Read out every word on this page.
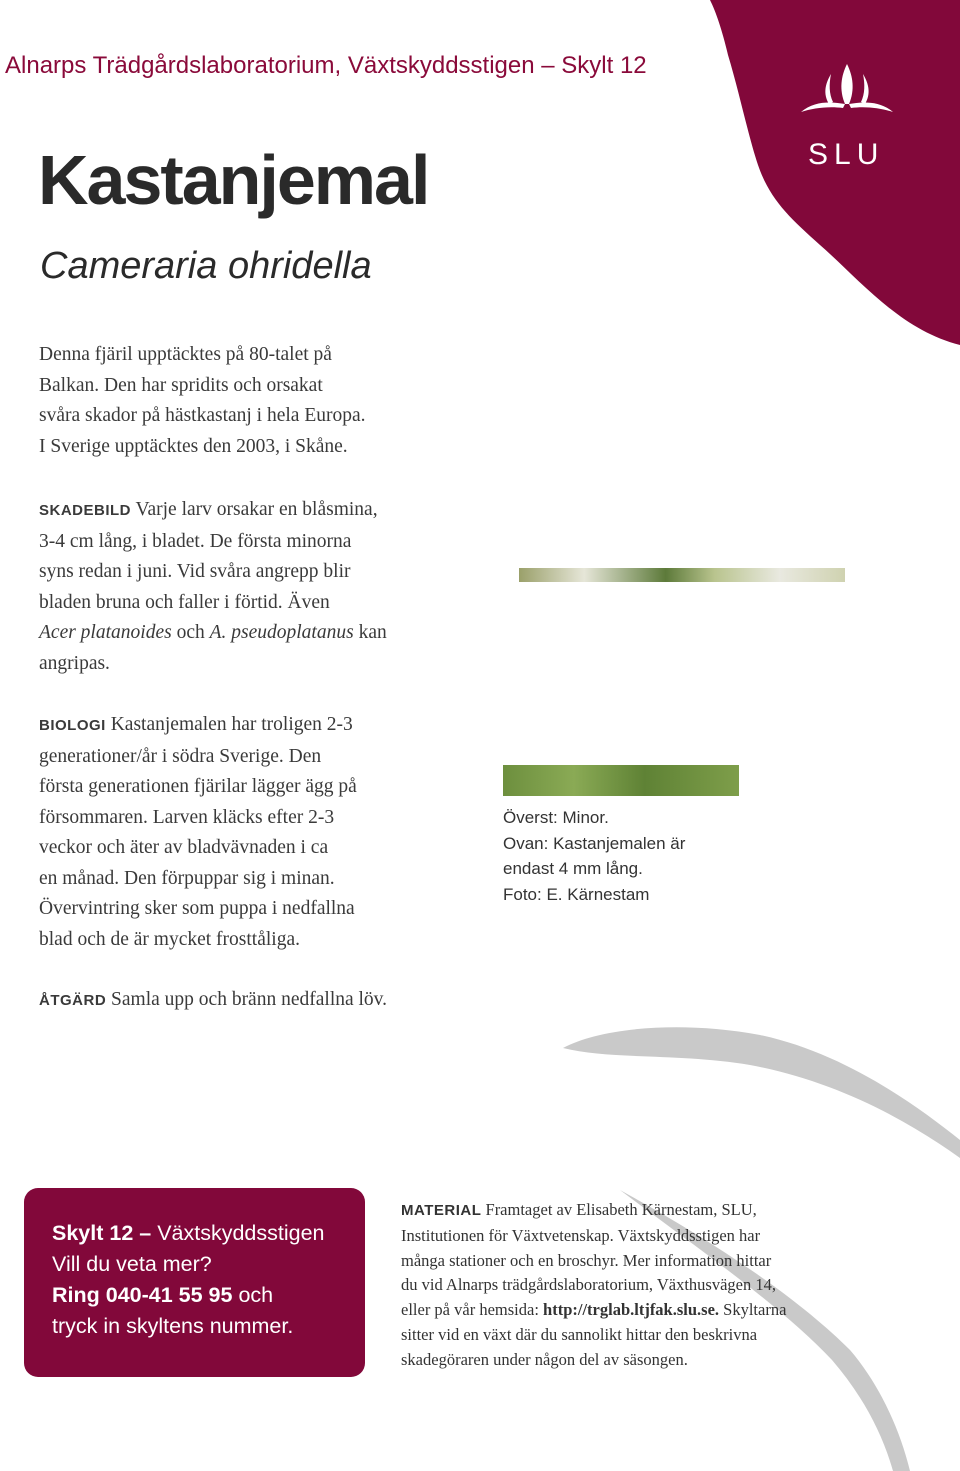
SLU
Alnarps Trädgårdslaboratorium, Växtskyddsstigen – Skylt 12
Kastanjemal
Cameraria ohridella

Denna fjäril upptäcktes på 80-talet på

Balkan. Den har spridits och orsakat

svåra skador på hästkastanj i hela Europa.

I Sverige upptäcktes den 2003, i Skåne.

SKADEBILD Varje larv orsakar en blåsmina,

3-4 cm lång, i bladet. De första minorna

syns redan i juni. Vid svåra angrepp blir

bladen bruna och faller i förtid. Även

Acer platanoides och A. pseudoplatanus kan

angripas.

BIOLOGI Kastanjemalen har troligen 2-3

generationer/år i södra Sverige. Den

första generationen fjärilar lägger ägg på

försommaren. Larven kläcks efter 2-3

veckor och äter av bladvävnaden i ca

en månad. Den förpuppar sig i minan.

Övervintring sker som puppa i nedfallna

blad och de är mycket frosttåliga.

ÅTGÄRD Samla upp och bränn nedfallna löv.

Överst: Minor.
Ovan: Kastanjemalen är
endast 4 mm lång.
Foto: E. Kärnestam
Skylt 12 – Växtskyddsstigen
Vill du veta mer?
Ring 040-41 55 95 och
tryck in skyltens nummer.
MATERIAL Framtaget av Elisabeth Kärnestam, SLU,
Institutionen för Växtvetenskap. Växtskyddsstigen har
många stationer och en broschyr. Mer information hittar
du vid Alnarps trädgårdslaboratorium, Växthusvägen 14,
eller på vår hemsida: http://trglab.ltjfak.slu.se. Skyltarna
sitter vid en växt där du sannolikt hittar den beskrivna
skadegöraren under någon del av säsongen.
